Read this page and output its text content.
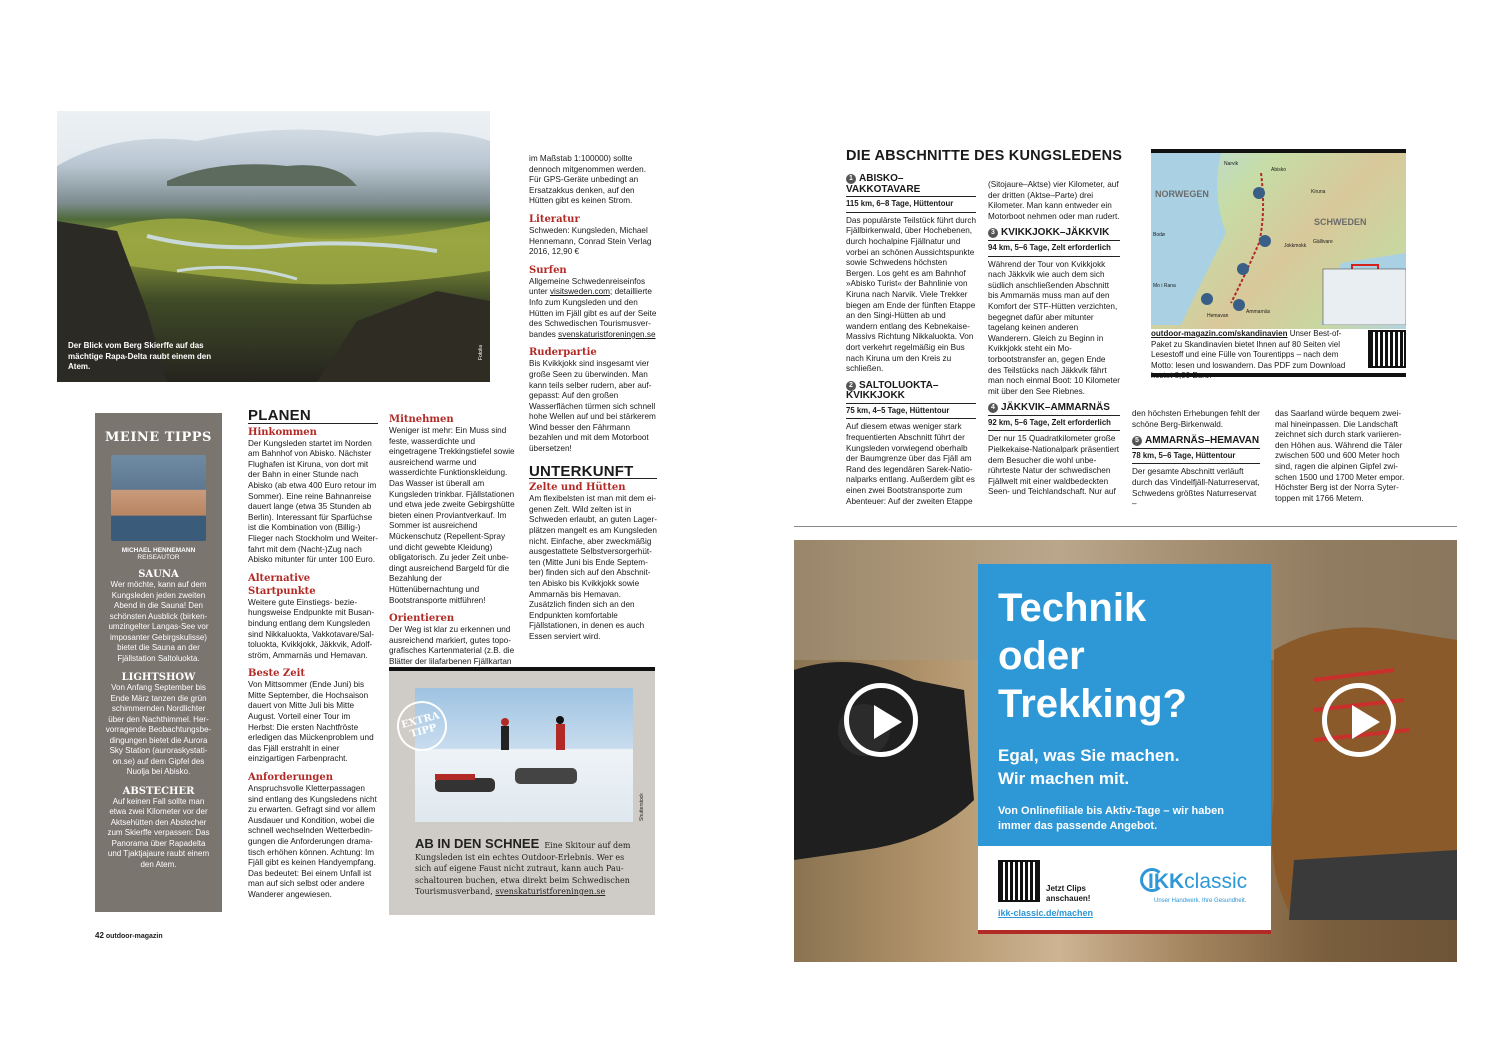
Der Blick vom Berg Skierffe auf das mächtige Rapa-Delta raubt einem den Atem.
Fotolia
MEINE TIPPS
MICHAEL HENNEMANN
REISEAUTOR
SAUNA
Wer möchte, kann auf dem Kungsleden jeden zweiten Abend in die Sauna! Den schönsten Ausblick (birkenumzingelter Langas-See vor imposanter Gebirgskulisse) bietet die Sauna an der Fjällstation Saltoluokta.
LIGHTSHOW
Von Anfang September bis Ende März tanzen die grün schimmernden Nordlichter über den Nachthimmel. Hervorragende Beobachtungsbedingungen bietet die Aurora Sky Station (auroraskystation.se) auf dem Gipfel des Nuolja bei Abisko.
ABSTECHER
Auf keinen Fall sollte man etwa zwei Kilometer vor der Aktsehütten den Abstecher zum Skierffe verpassen: Das Panorama über Rapadelta und Tjaktjajaure raubt einem den Atem.
PLANEN
Hinkommen
Der Kungsleden startet im Norden am Bahnhof von Abisko. Nächster Flughafen ist Kiruna, von dort mit der Bahn in einer Stunde nach Abisko (ab etwa 400 Euro retour im Sommer). Eine reine Bahnanreise dauert lange (etwa 35 Stunden ab Berlin). Interessant für Sparfüchse ist die Kombination von (Billig-) Flieger nach Stockholm und Weiterfahrt mit dem (Nacht-)Zug nach Abisko mitunter für unter 100 Euro.
Alternative Startpunkte
Weitere gute Einstiegs- beziehungsweise Endpunkte mit Busanbindung entlang dem Kungsleden sind Nikkaluokta, Vakkotavare/Saltoluokta, Kvikkjokk, Jäkkvik, Adolfström, Ammarnäs und Hemavan.
Beste Zeit
Von Mittsommer (Ende Juni) bis Mitte September, die Hochsaison dauert von Mitte Juli bis Mitte August. Vorteil einer Tour im Herbst: Die ersten Nachtfröste erledigen das Mückenproblem und das Fjäll erstrahlt in einer einzigartigen Farbenpracht.
Anforderungen
Anspruchsvolle Kletterpassagen sind entlang des Kungsledens nicht zu erwarten. Gefragt sind vor allem Ausdauer und Kondition, wobei die schnell wechselnden Wetterbedingungen die Anforderungen dramatisch erhöhen können. Achtung: Im Fjäll gibt es keinen Handyempfang. Das bedeutet: Bei einem Unfall ist man auf sich selbst oder andere Wanderer angewiesen.
Mitnehmen
Weniger ist mehr: Ein Muss sind feste, wasserdichte und eingetragene Trekkingstiefel sowie ausreichend warme und wasserdichte Funktionskleidung. Das Wasser ist überall am Kungsleden trinkbar. Fjällstationen und etwa jede zweite Gebirgshütte bieten einen Proviantverkauf. Im Sommer ist ausreichend Mückenschutz (Repellent-Spray und dicht gewebte Kleidung) obligatorisch. Zu jeder Zeit unbedingt ausreichend Bargeld für die Bezahlung der Hüttenübernachtung und Bootstransporte mitführen!
Orientieren
Der Weg ist klar zu erkennen und ausreichend markiert, gutes topografisches Kartenmaterial (z.B. die Blätter der lilafarbenen Fjällkartan
im Maßstab 1:100000) sollte dennoch mitgenommen werden. Für GPS-Geräte unbedingt an Ersatzakkus denken, auf den Hütten gibt es keinen Strom.
Literatur
Schweden: Kungsleden, Michael Hennemann, Conrad Stein Verlag 2016, 12,90 €
Surfen
Allgemeine Schwedenreiseinfos unter visitsweden.com; detaillierte Info zum Kungsleden und den Hütten im Fjäll gibt es auf der Seite des Schwedischen Tourismusverbandes svenskaturistforeningen.se
Ruderpartie
Bis Kvikkjokk sind insgesamt vier große Seen zu überwinden. Man kann teils selber rudern, aber aufgepasst: Auf den großen Wasserflächen türmen sich schnell hohe Wellen auf und bei stärkerem Wind besser den Fährmann bezahlen und mit dem Motorboot übersetzen!
UNTERKUNFT
Zelte und Hütten
Am flexibelsten ist man mit dem eigenen Zelt. Wild zelten ist in Schweden erlaubt, an guten Lagerplätzen mangelt es am Kungsleden nicht. Einfache, aber zweckmäßig ausgestattete Selbstversorgerhütten (Mitte Juni bis Ende September) finden sich auf den Abschnitten Abisko bis Kvikkjokk sowie Ammarnäs bis Hemavan. Zusätzlich finden sich an den Endpunkten komfortable Fjällstationen, in denen es auch Essen serviert wird.
EXTRA TIPP
Shutterstock
AB IN DEN SCHNEE Eine Skitour auf dem Kungsleden ist ein echtes Outdoor-Erlebnis. Wer es sich auf eigene Faust nicht zutraut, kann auch Pauschaltouren buchen, etwa direkt beim Schwedischen Tourismusverband, svenskaturistforeningen.se
42 outdoor-magazin
DIE ABSCHNITTE DES KUNGSLEDENS
1 ABISKO–VAKKOTAVARE
115 km, 6–8 Tage, Hüttentour
Das populärste Teilstück führt durch Fjällbirkenwald, über Hochebenen, durch hochalpine Fjällnatur und vorbei an schönen Aussichtspunkte sowie Schwedens höchsten Bergen. Los geht es am Bahnhof »Abisko Turist« der Bahnlinie von Kiruna nach Narvik. Viele Trekker biegen am Ende der fünften Etappe an den Singi-Hütten ab und wandern entlang des Kebnekaise-Massivs Richtung Nikkaluokta. Von dort verkehrt regelmäßig ein Bus nach Kiruna um den Kreis zu schließen.
2 SALTOLUOKTA–KVIKKJOKK
75 km, 4–5 Tage, Hüttentour
Auf diesem etwas weniger stark frequentierten Abschnitt führt der Kungsleden vorwiegend oberhalb der Baumgrenze über das Fjäll am Rand des legendären Sarek-Nationalparks entlang. Außerdem gibt es einen zwei Bootstransporte zum Abenteuer: Auf der zweiten Etappe
(Sitojaure–Aktse) vier Kilometer, auf der dritten (Aktse–Parte) drei Kilometer. Man kann entweder ein Motorboot nehmen oder man rudert.
3 KVIKKJOKK–JÄKKVIK
94 km, 5–6 Tage, Zelt erforderlich
Während der Tour von Kvikkjokk nach Jäkkvik wie auch dem sich südlich anschließenden Abschnitt bis Ammarnäs muss man auf den Komfort der STF-Hütten verzichten, begegnet dafür aber mitunter tagelang keinen anderen Wanderern. Gleich zu Beginn in Kvikkjokk steht ein Motorbootstransfer an, gegen Ende des Teilstücks nach Jäkkvik fährt man noch einmal Boot: 10 Kilometer mit über den See Riebnes.
4 JÄKKVIK–AMMARNÄS
92 km, 5–6 Tage, Zelt erforderlich
Der nur 15 Quadratkilometer große Pielkekaise-Nationalpark präsentiert dem Besucher die wohl unberührteste Natur der schwedischen Fjällwelt mit einer waldbedeckten Seen- und Teichlandschaft. Nur auf
den höchsten Erhebungen fehlt der schöne Berg-Birkenwald.
5 AMMARNÄS–HEMAVAN
78 km, 5–6 Tage, Hüttentour
Der gesamte Abschnitt verläuft durch das Vindelfjäll-Naturreservat, Schwedens größtes Naturreservat –
das Saarland würde bequem zweimal hineinpassen. Die Landschaft zeichnet sich durch stark variierenden Höhen aus. Während die Täler zwischen 500 und 600 Meter hoch sind, ragen die alpinen Gipfel zwischen 1500 und 1700 Meter empor. Höchster Berg ist der Norra Sytertoppen mit 1766 Metern.
NORWEGEN
SCHWEDEN
Narvik
Abisko
Kiruna
Bodø
Jokkmokk
Gällivare
Mo i Rana
Ammarnäs
Hemavan
outdoor-magazin.com/skandinavien Unser Best-of-Paket zu Skandinavien bietet Ihnen auf 80 Seiten viel Lesestoff und eine Fülle von Tourentipps – nach dem Motto: lesen und loswandern. Das PDF zum Download
Technik
oder
Trekking?
Egal, was Sie machen.
Wir machen mit.
Von Onlinefiliale bis Aktiv-Tage – wir haben immer das passende Angebot.
Jetzt Clips
anschauen!
ikk-classic.de/machen
IKKclassic
Unser Handwerk. Ihre Gesundheit.
